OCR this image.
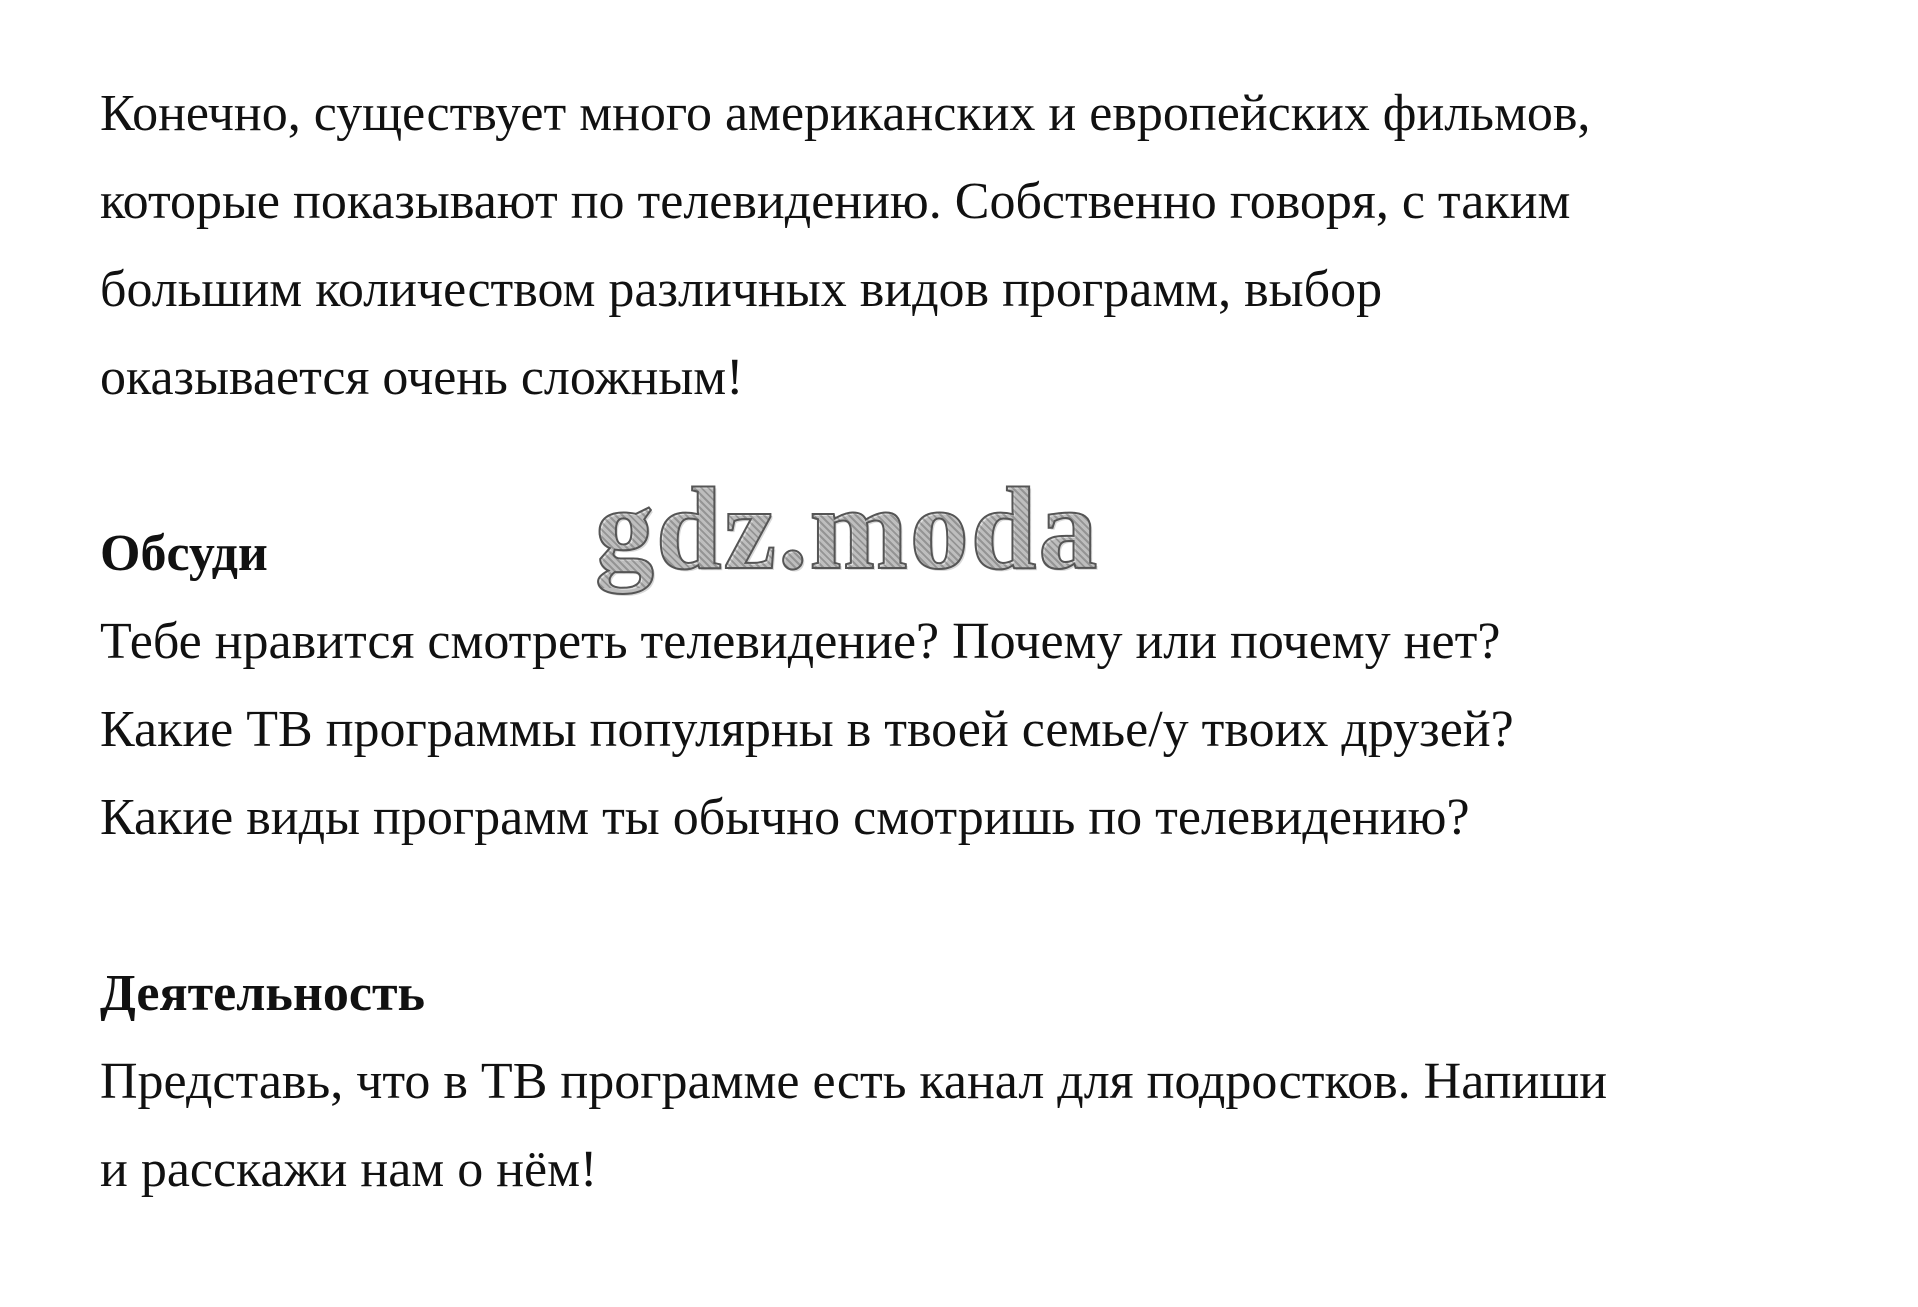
Конечно, существует много американских и европейских фильмов,
которые показывают по телевидению. Собственно говоря, с таким
большим количеством различных видов программ, выбор
оказывается очень сложным!
Обсуди
Тебе нравится смотреть телевидение? Почему или почему нет?
Какие ТВ программы популярны в твоей семье/у твоих друзей?
Какие виды программ ты обычно смотришь по телевидению?
Деятельность
Представь, что в ТВ программе есть канал для подростков. Напиши
и расскажи нам о нём!
gdz.moda
